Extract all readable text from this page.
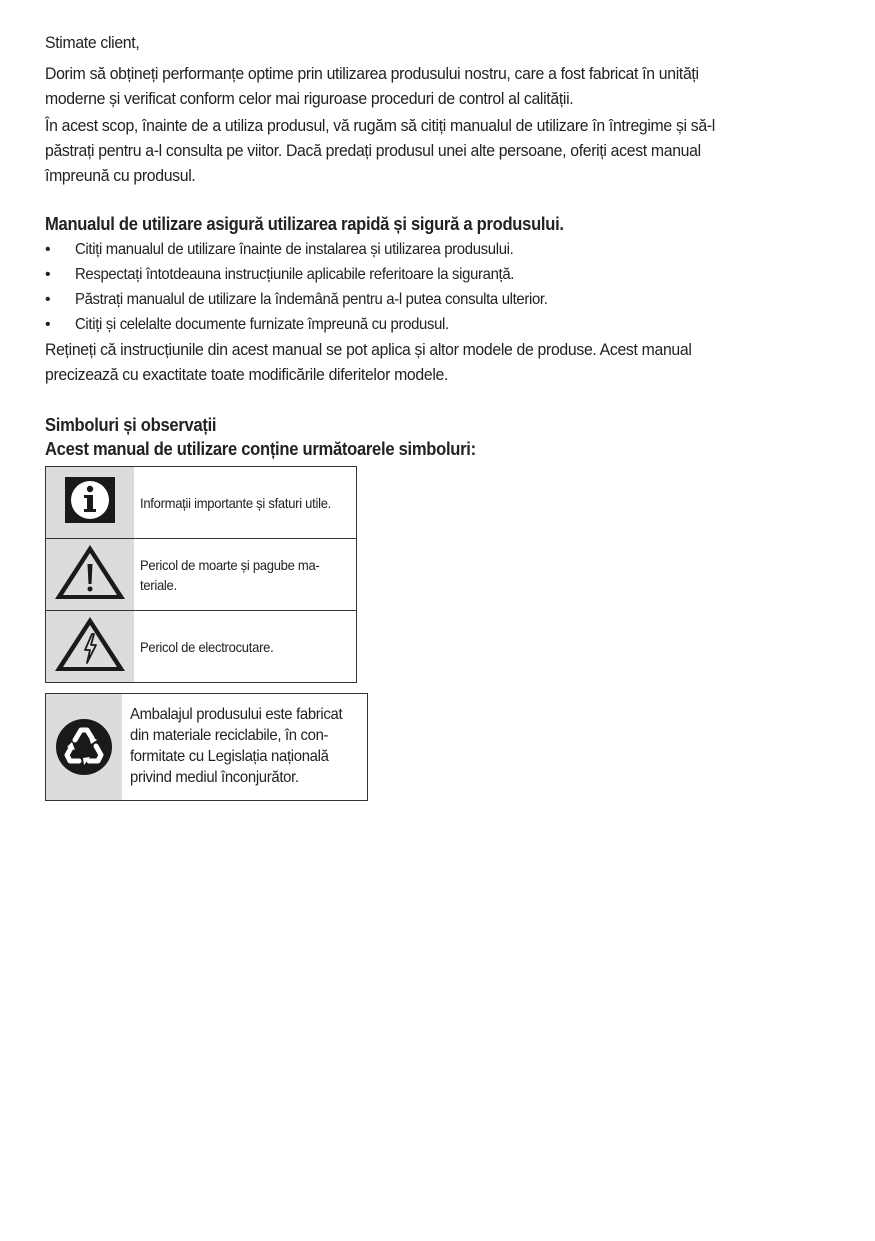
Stimate client,

Dorim să obțineți performanțe optime prin utilizarea produsului nostru, care a fost fabricat în unități
moderne și verificat conform celor mai riguroase proceduri de control al calității.

În acest scop, înainte de a utiliza produsul, vă rugăm să citiți manualul de utilizare în întregime și să-l
păstrați pentru a-l consulta pe viitor. Dacă predați produsul unei alte persoane, oferiți acest manual
împreună cu produsul.

Manualul de utilizare asigură utilizarea rapidă și sigură a produsului.
• Citiți manualul de utilizare înainte de instalarea și utilizarea produsului.
• Respectați întotdeauna instrucțiunile aplicabile referitoare la siguranță.
• Păstrați manualul de utilizare la îndemână pentru a-l putea consulta ulterior.
• Citiți și celelalte documente furnizate împreună cu produsul.

Rețineți că instrucțiunile din acest manual se pot aplica și altor modele de produse. Acest manual
precizează cu exactitate toate modificările diferitelor modele.

Simboluri și observații
Acest manual de utilizare conține următoarele simboluri:
	Informații importante și sfaturi utile.
	Pericol de moarte și pagube ma-
teriale.
	Pericol de electrocutare.
Ambalajul produsului este fabricat
din materiale reciclabile, în con-
formitate cu Legislația națională
privind mediul înconjurător.
